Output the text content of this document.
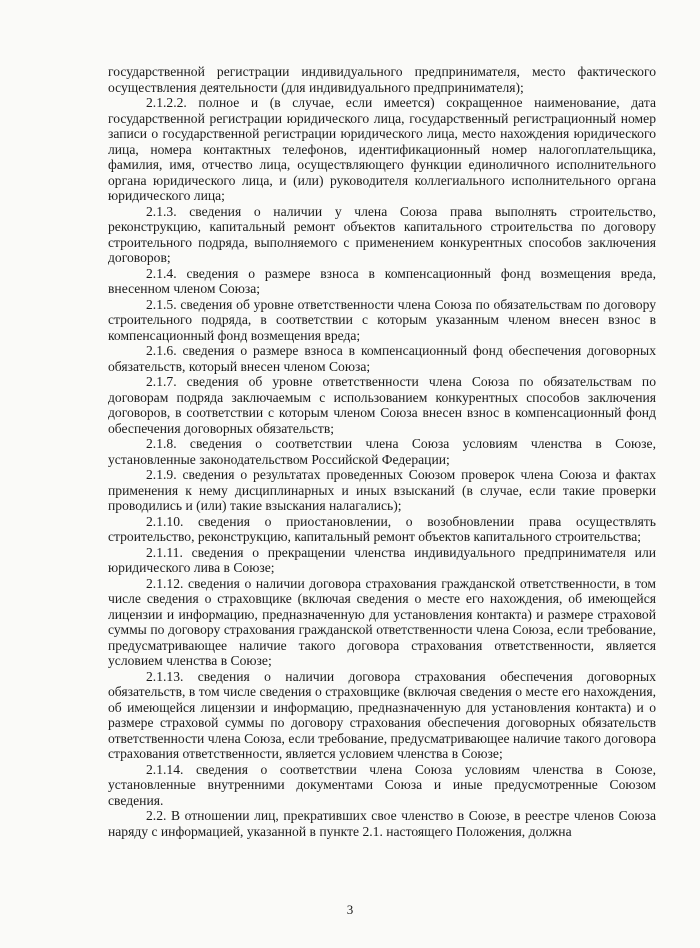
государственной регистрации индивидуального предпринимателя, место фактического осуществления деятельности (для индивидуального предпринимателя);

2.1.2.2. полное и (в случае, если имеется) сокращенное наименование, дата государственной регистрации юридического лица, государственный регистрационный номер записи о государственной регистрации юридического лица, место нахождения юридического лица, номера контактных телефонов, идентификационный номер налогоплательщика, фамилия, имя, отчество лица, осуществляющего функции единоличного исполнительного органа юридического лица, и (или) руководителя коллегиального исполнительного органа юридического лица;

2.1.3. сведения о наличии у члена Союза права выполнять строительство, реконструкцию, капитальный ремонт объектов капитального строительства по договору строительного подряда, выполняемого с применением конкурентных способов заключения договоров;

2.1.4. сведения о размере взноса в компенсационный фонд возмещения вреда, внесенном членом Союза;

2.1.5. сведения об уровне ответственности члена Союза по обязательствам по договору строительного подряда, в соответствии с которым указанным членом внесен взнос в компенсационный фонд возмещения вреда;

2.1.6. сведения о размере взноса в компенсационный фонд обеспечения договорных обязательств, который внесен членом Союза;

2.1.7. сведения об уровне ответственности члена Союза по обязательствам по договорам подряда заключаемым с использованием конкурентных способов заключения договоров, в соответствии с которым членом Союза внесен взнос в компенсационный фонд обеспечения договорных обязательств;

2.1.8. сведения о соответствии члена Союза условиям членства в Союзе, установленные законодательством Российской Федерации;

2.1.9. сведения о результатах проведенных Союзом проверок члена Союза и фактах применения к нему дисциплинарных и иных взысканий (в случае, если такие проверки проводились и (или) такие взыскания налагались);

2.1.10. сведения о приостановлении, о возобновлении права осуществлять строительство, реконструкцию, капитальный ремонт объектов капитального строительства;

2.1.11. сведения о прекращении членства индивидуального предпринимателя или юридического лива в Союзе;

2.1.12. сведения о наличии договора страхования гражданской ответственности, в том числе сведения о страховщике (включая сведения о месте его нахождения, об имеющейся лицензии и информацию, предназначенную для установления контакта) и размере страховой суммы по договору страхования гражданской ответственности члена Союза, если требование, предусматривающее наличие такого договора страхования ответственности, является условием членства в Союзе;

2.1.13. сведения о наличии договора страхования обеспечения договорных обязательств, в том числе сведения о страховщике (включая сведения о месте его нахождения, об имеющейся лицензии и информацию, предназначенную для установления контакта) и о размере страховой суммы по договору страхования обеспечения договорных обязательств ответственности члена Союза, если требование, предусматривающее наличие такого договора страхования ответственности, является условием членства в Союзе;

2.1.14. сведения о соответствии члена Союза условиям членства в Союзе, установленные внутренними документами Союза и иные предусмотренные Союзом сведения.

2.2. В отношении лиц, прекративших свое членство в Союзе, в реестре членов Союза наряду с информацией, указанной в пункте 2.1. настоящего Положения, должна

3
